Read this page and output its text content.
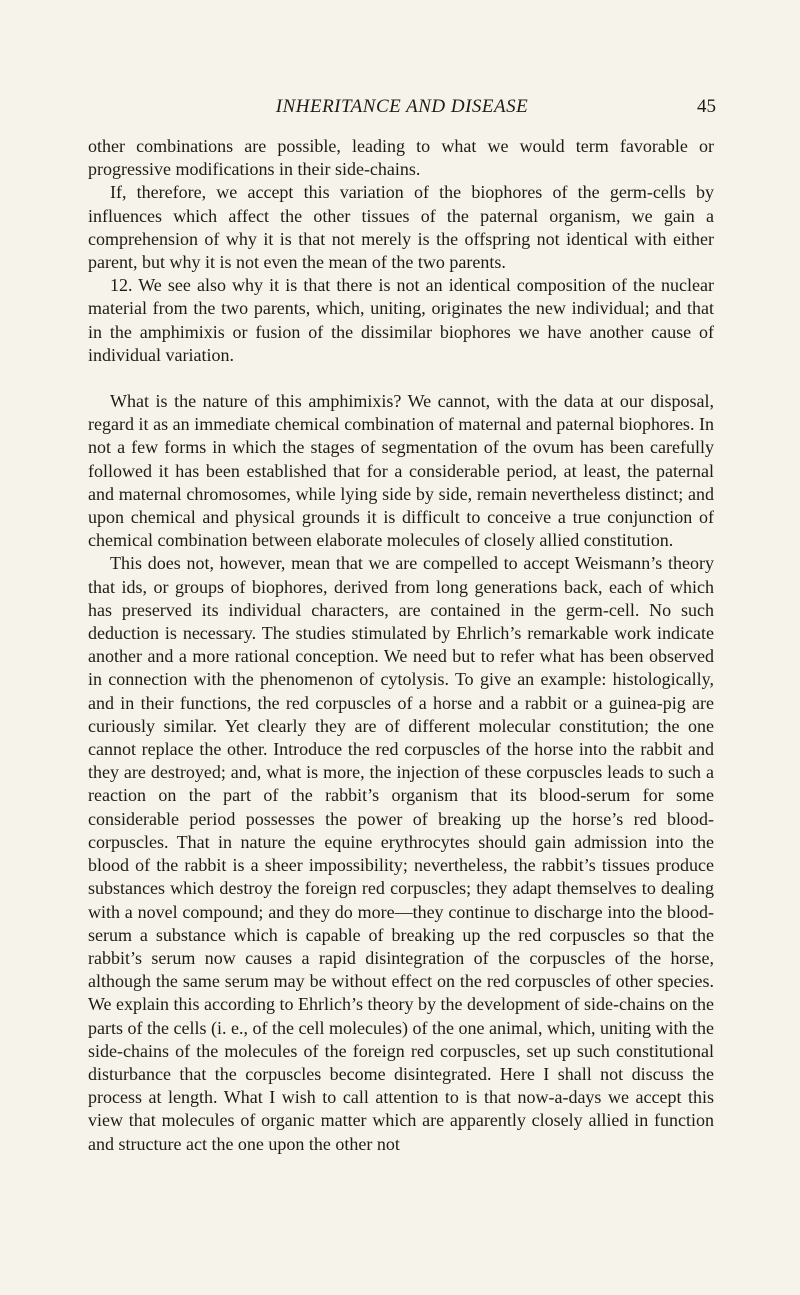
INHERITANCE AND DISEASE	45

other combinations are possible, leading to what we would term favorable or progressive modifications in their side-chains.

If, therefore, we accept this variation of the biophores of the germ-cells by influences which affect the other tissues of the paternal organism, we gain a comprehension of why it is that not merely is the offspring not identical with either parent, but why it is not even the mean of the two parents.

12. We see also why it is that there is not an identical composition of the nuclear material from the two parents, which, uniting, originates the new individual; and that in the amphimixis or fusion of the dissimilar biophores we have another cause of individual variation.

What is the nature of this amphimixis? We cannot, with the data at our disposal, regard it as an immediate chemical combination of maternal and paternal biophores. In not a few forms in which the stages of segmentation of the ovum has been carefully followed it has been established that for a considerable period, at least, the paternal and maternal chromosomes, while lying side by side, remain nevertheless distinct; and upon chemical and physical grounds it is difficult to conceive a true conjunction of chemical combination between elaborate molecules of closely allied constitution.

This does not, however, mean that we are compelled to accept Weismann’s theory that ids, or groups of biophores, derived from long generations back, each of which has preserved its individual characters, are contained in the germ-cell. No such deduction is necessary. The studies stimulated by Ehrlich’s remarkable work indicate another and a more rational conception. We need but to refer what has been observed in connection with the phenomenon of cytolysis. To give an example: histologically, and in their functions, the red corpuscles of a horse and a rabbit or a guinea-pig are curiously similar. Yet clearly they are of different molecular constitution; the one cannot replace the other. Introduce the red corpuscles of the horse into the rabbit and they are destroyed; and, what is more, the injection of these corpuscles leads to such a reaction on the part of the rabbit’s organism that its blood-serum for some considerable period possesses the power of breaking up the horse’s red blood-corpuscles. That in nature the equine erythrocytes should gain admission into the blood of the rabbit is a sheer impossibility; nevertheless, the rabbit’s tissues produce substances which destroy the foreign red corpuscles; they adapt themselves to dealing with a novel compound; and they do more—they continue to discharge into the blood-serum a substance which is capable of breaking up the red corpuscles so that the rabbit’s serum now causes a rapid disintegration of the corpuscles of the horse, although the same serum may be without effect on the red corpuscles of other species. We explain this according to Ehrlich’s theory by the development of side-chains on the parts of the cells (i. e., of the cell molecules) of the one animal, which, uniting with the side-chains of the molecules of the foreign red corpuscles, set up such constitutional disturbance that the corpuscles become disintegrated. Here I shall not discuss the process at length. What I wish to call attention to is that now-a-days we accept this view that molecules of organic matter which are apparently closely allied in function and structure act the one upon the other not
